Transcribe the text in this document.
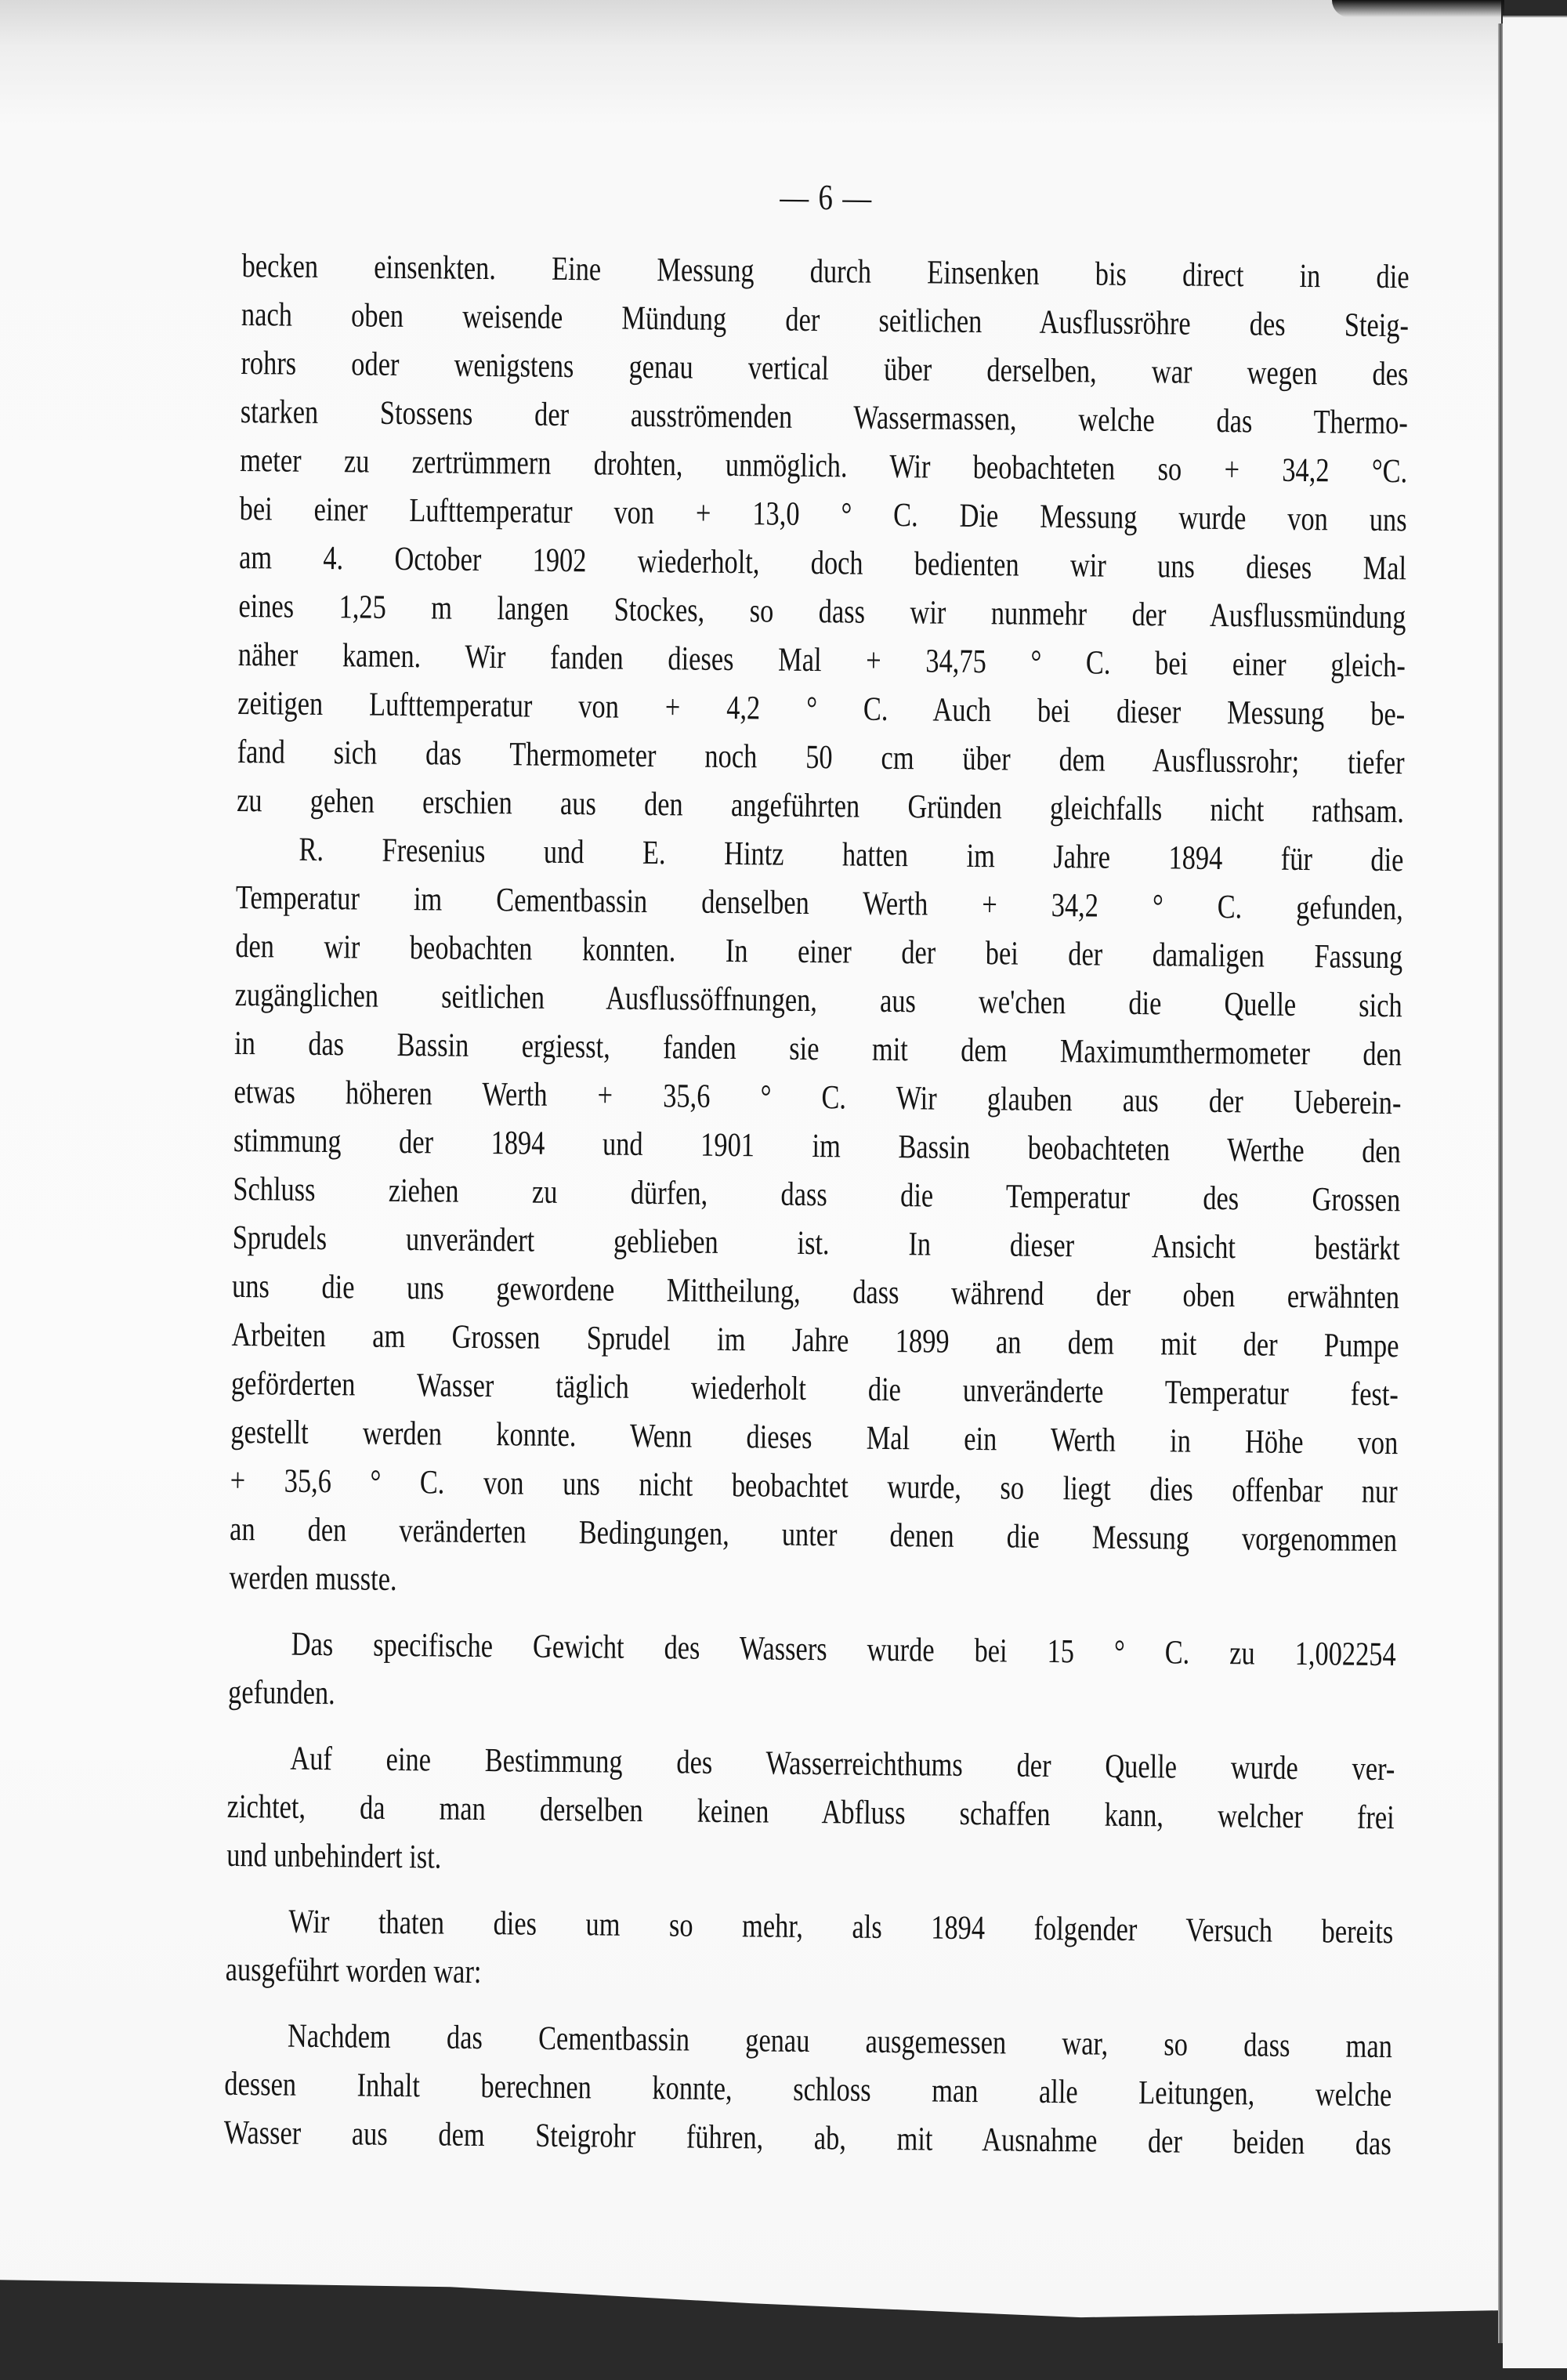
— 6 —
becken einsenkten. Eine Messung durch Einsenken bis direct in die
nach oben weisende Mündung der seitlichen Ausflussröhre des Steig-
rohrs oder wenigstens genau vertical über derselben, war wegen des
starken Stossens der ausströmenden Wassermassen, welche das Thermo-
meter zu zertrümmern drohten, unmöglich. Wir beobachteten so + 34,2 °C.
bei einer Lufttemperatur von + 13,0 ° C. Die Messung wurde von uns
am 4. October 1902 wiederholt, doch bedienten wir uns dieses Mal
eines 1,25 m langen Stockes, so dass wir nunmehr der Ausflussmündung
näher kamen. Wir fanden dieses Mal + 34,75 ° C. bei einer gleich-
zeitigen Lufttemperatur von + 4,2 ° C. Auch bei dieser Messung be-
fand sich das Thermometer noch 50 cm über dem Ausflussrohr; tiefer
zu gehen erschien aus den angeführten Gründen gleichfalls nicht rathsam.
R. Fresenius und E. Hintz hatten im Jahre 1894 für die
Temperatur im Cementbassin denselben Werth + 34,2 ° C. gefunden,
den wir beobachten konnten. In einer der bei der damaligen Fassung
zugänglichen seitlichen Ausflussöffnungen, aus we'chen die Quelle sich
in das Bassin ergiesst, fanden sie mit dem Maximumthermometer den
etwas höheren Werth + 35,6 ° C. Wir glauben aus der Ueberein-
stimmung der 1894 und 1901 im Bassin beobachteten Werthe den
Schluss ziehen zu dürfen, dass die Temperatur des Grossen
Sprudels unverändert geblieben ist. In dieser Ansicht bestärkt
uns die uns gewordene Mittheilung, dass während der oben erwähnten
Arbeiten am Grossen Sprudel im Jahre 1899 an dem mit der Pumpe
geförderten Wasser täglich wiederholt die unveränderte Temperatur fest-
gestellt werden konnte. Wenn dieses Mal ein Werth in Höhe von
+ 35,6 ° C. von uns nicht beobachtet wurde, so liegt dies offenbar nur
an den veränderten Bedingungen, unter denen die Messung vorgenommen
werden musste.
Das specifische Gewicht des Wassers wurde bei 15 ° C. zu 1,002254
gefunden.
Auf eine Bestimmung des Wasserreichthums der Quelle wurde ver-
zichtet, da man derselben keinen Abfluss schaffen kann, welcher frei
und unbehindert ist.
Wir thaten dies um so mehr, als 1894 folgender Versuch bereits
ausgeführt worden war:
Nachdem das Cementbassin genau ausgemessen war, so dass man
dessen Inhalt berechnen konnte, schloss man alle Leitungen, welche
Wasser aus dem Steigrohr führen, ab, mit Ausnahme der beiden das
